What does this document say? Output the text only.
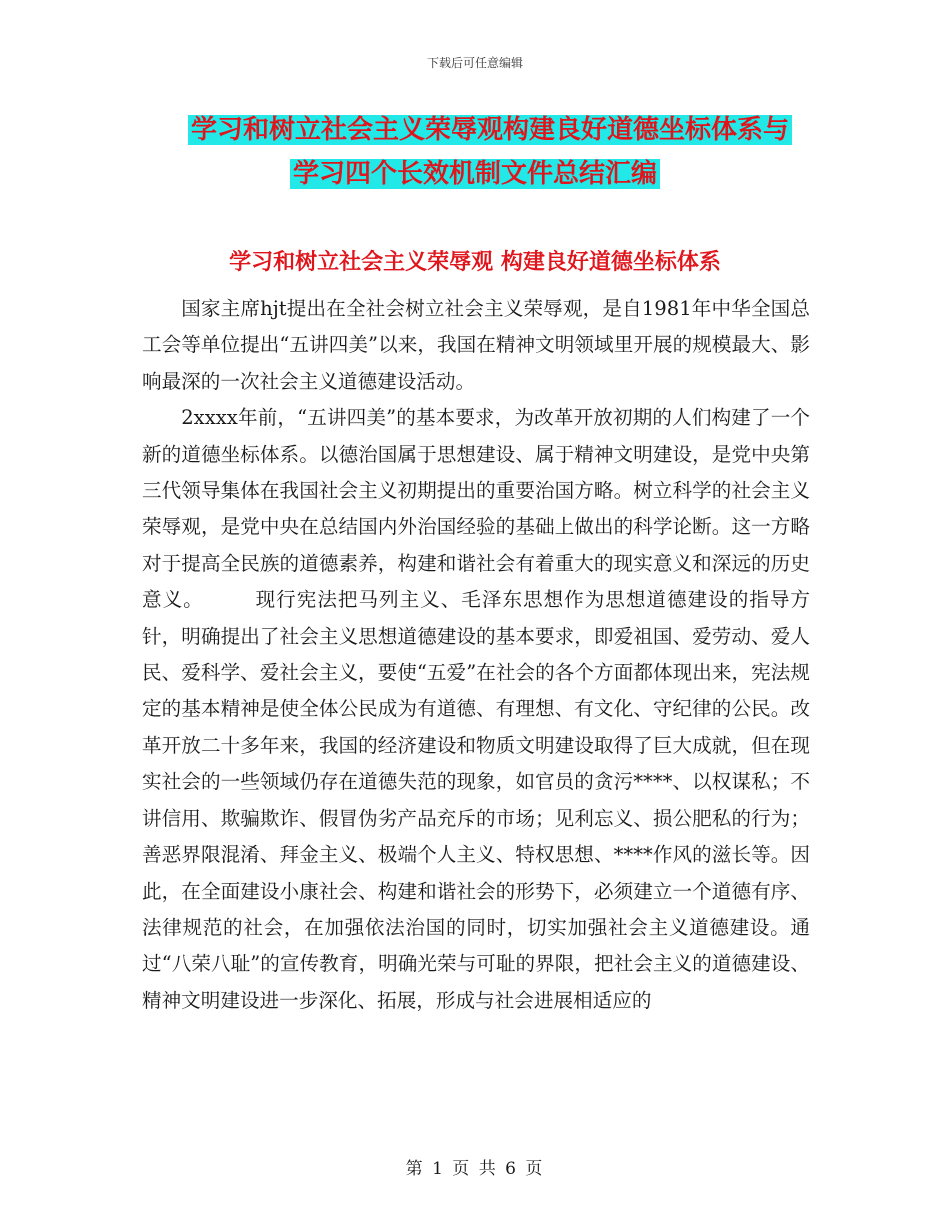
下载后可任意编辑
学习和树立社会主义荣辱观构建良好道德坐标体系与
学习四个长效机制文件总结汇编
学习和树立社会主义荣辱观 构建良好道德坐标体系

国家主席hjt提出在全社会树立社会主义荣辱观，是自1981年中华全国总工会等单位提出“五讲四美”以来，我国在精神文明领域里开展的规模最大、影响最深的一次社会主义道德建设活动。

2xxxx年前，“五讲四美”的基本要求，为改革开放初期的人们构建了一个新的道德坐标体系。以德治国属于思想建设、属于精神文明建设，是党中央第三代领导集体在我国社会主义初期提出的重要治国方略。树立科学的社会主义荣辱观，是党中央在总结国内外治国经验的基础上做出的科学论断。这一方略对于提高全民族的道德素养，构建和谐社会有着重大的现实意义和深远的历史意义。　　　现行宪法把马列主义、毛泽东思想作为思想道德建设的指导方针，明确提出了社会主义思想道德建设的基本要求，即爱祖国、爱劳动、爱人民、爱科学、爱社会主义，要使“五爱”在社会的各个方面都体现出来，宪法规定的基本精神是使全体公民成为有道德、有理想、有文化、守纪律的公民。改革开放二十多年来，我国的经济建设和物质文明建设取得了巨大成就，但在现实社会的一些领域仍存在道德失范的现象，如官员的贪污****、以权谋私；不讲信用、欺骗欺诈、假冒伪劣产品充斥的市场；见利忘义、损公肥私的行为；善恶界限混淆、拜金主义、极端个人主义、特权思想、****作风的滋长等。因此，在全面建设小康社会、构建和谐社会的形势下，必须建立一个道德有序、法律规范的社会，在加强依法治国的同时，切实加强社会主义道德建设。通过“八荣八耻”的宣传教育，明确光荣与可耻的界限，把社会主义的道德建设、精神文明建设进一步深化、拓展，形成与社会进展相适应的

第 1 页 共 6 页
